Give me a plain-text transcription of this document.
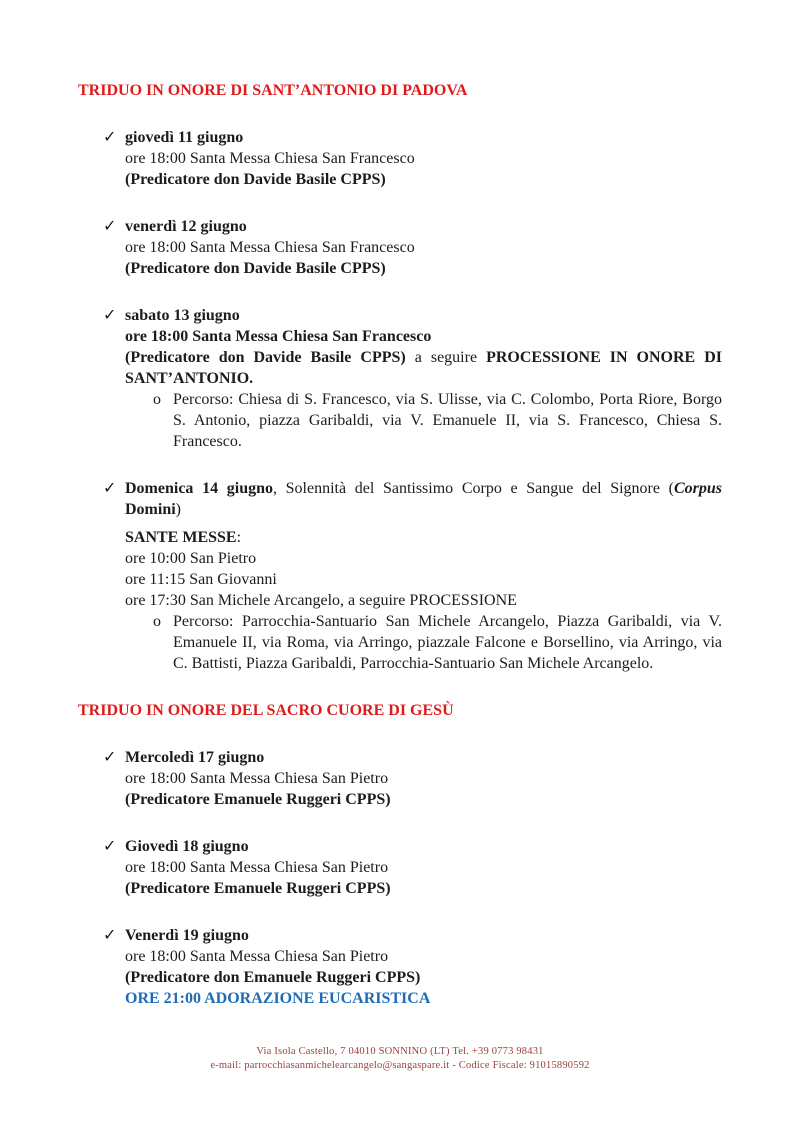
TRIDUO IN ONORE DI SANT’ANTONIO DI PADOVA
✓ giovedì 11 giugno

ore 18:00 Santa Messa Chiesa San Francesco

(Predicatore don Davide Basile CPPS)

✓ venerdì 12 giugno

ore 18:00 Santa Messa Chiesa San Francesco

(Predicatore don Davide Basile CPPS)

✓ sabato 13 giugno

ore 18:00 Santa Messa Chiesa San Francesco

(Predicatore don Davide Basile CPPS) a seguire PROCESSIONE IN ONORE DI SANT’ANTONIO.

o Percorso: Chiesa di S. Francesco, via S. Ulisse, via C. Colombo, Porta Riore, Borgo S. Antonio, piazza Garibaldi, via V. Emanuele II, via S. Francesco, Chiesa S. Francesco.

✓ Domenica 14 giugno, Solennità del Santissimo Corpo e Sangue del Signore (Corpus Domini)

SANTE MESSE:

ore 10:00 San Pietro

ore 11:15 San Giovanni

ore 17:30 San Michele Arcangelo, a seguire PROCESSIONE

o Percorso: Parrocchia-Santuario San Michele Arcangelo, Piazza Garibaldi, via V. Emanuele II, via Roma, via Arringo, piazzale Falcone e Borsellino, via Arringo, via C. Battisti, Piazza Garibaldi, Parrocchia-Santuario San Michele Arcangelo.

TRIDUO IN ONORE DEL SACRO CUORE DI GESÙ
✓ Mercoledì 17 giugno

ore 18:00 Santa Messa Chiesa San Pietro

(Predicatore Emanuele Ruggeri CPPS)

✓ Giovedì 18 giugno

ore 18:00 Santa Messa Chiesa San Pietro

(Predicatore Emanuele Ruggeri CPPS)

✓ Venerdì 19 giugno

ore 18:00 Santa Messa Chiesa San Pietro

(Predicatore don Emanuele Ruggeri CPPS)

ORE 21:00 ADORAZIONE EUCARISTICA

Via Isola Castello, 7 04010 SONNINO (LT) Tel. +39 0773 98431

e-mail: parrocchiasanmichelearcangelo@sangaspare.it - Codice Fiscale: 91015890592
